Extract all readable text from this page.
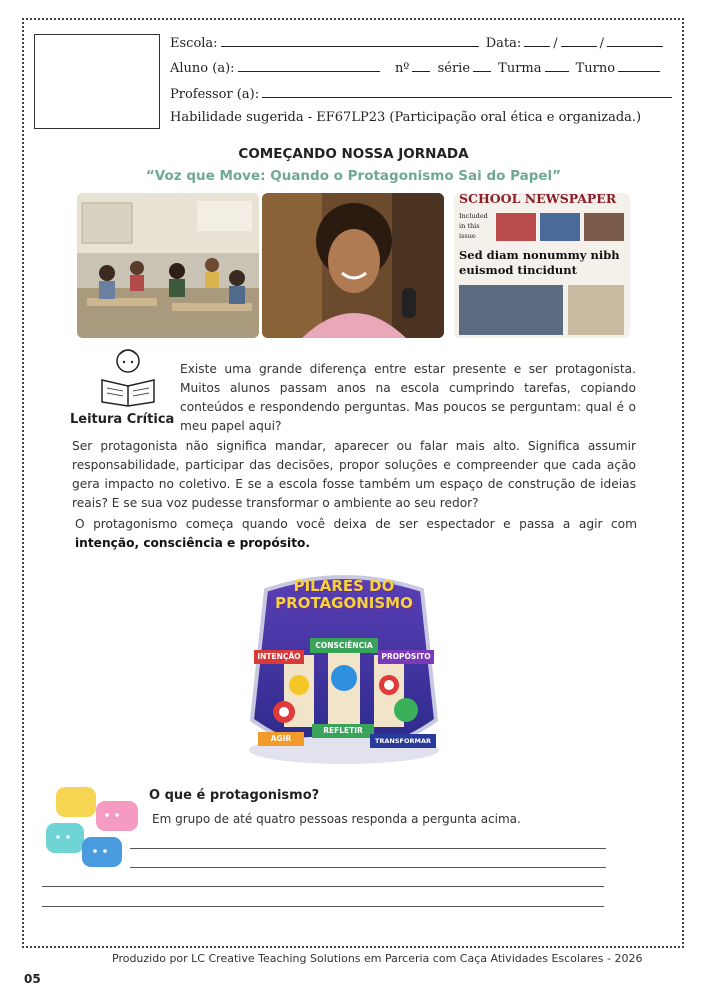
Escola:	Data: /	/
Aluno (a):	nº série Turma	Turno
Professor (a):
Habilidade sugerida - EF67LP23 (Participação oral ética e organizada.)
COMEÇANDO NOSSA JORNADA
“Voz que Move: Quando o Protagonismo Sai do Papel”
SCHOOL NEWSPAPER
Included in this issue
Sed diam nonummy nibh euismod tincidunt
Leitura Crítica
Existe uma grande diferença entre estar presente e ser protagonista. Muitos alunos passam anos na escola cumprindo tarefas, copiando conteúdos e respondendo perguntas. Mas poucos se perguntam: qual é o meu papel aqui?
Ser protagonista não significa mandar, aparecer ou falar mais alto. Significa assumir responsabilidade, participar das decisões, propor soluções e compreender que cada ação gera impacto no coletivo. E se a escola fosse também um espaço de construção de ideias reais? E se sua voz pudesse transformar o ambiente ao seu redor?
O protagonismo começa quando você deixa de ser espectador e passa a agir com intenção, consciência e propósito.
PILARES DO
PROTAGONISMO
INTENÇÃO
CONSCIÊNCIA
PROPÓSITO
AGIR
REFLETIR
TRANSFORMAR
O que é protagonismo?
Em grupo de até quatro pessoas responda a pergunta acima.
Produzido por LC Creative Teaching Solutions em Parceria com Caça Atividades Escolares - 2026
05
